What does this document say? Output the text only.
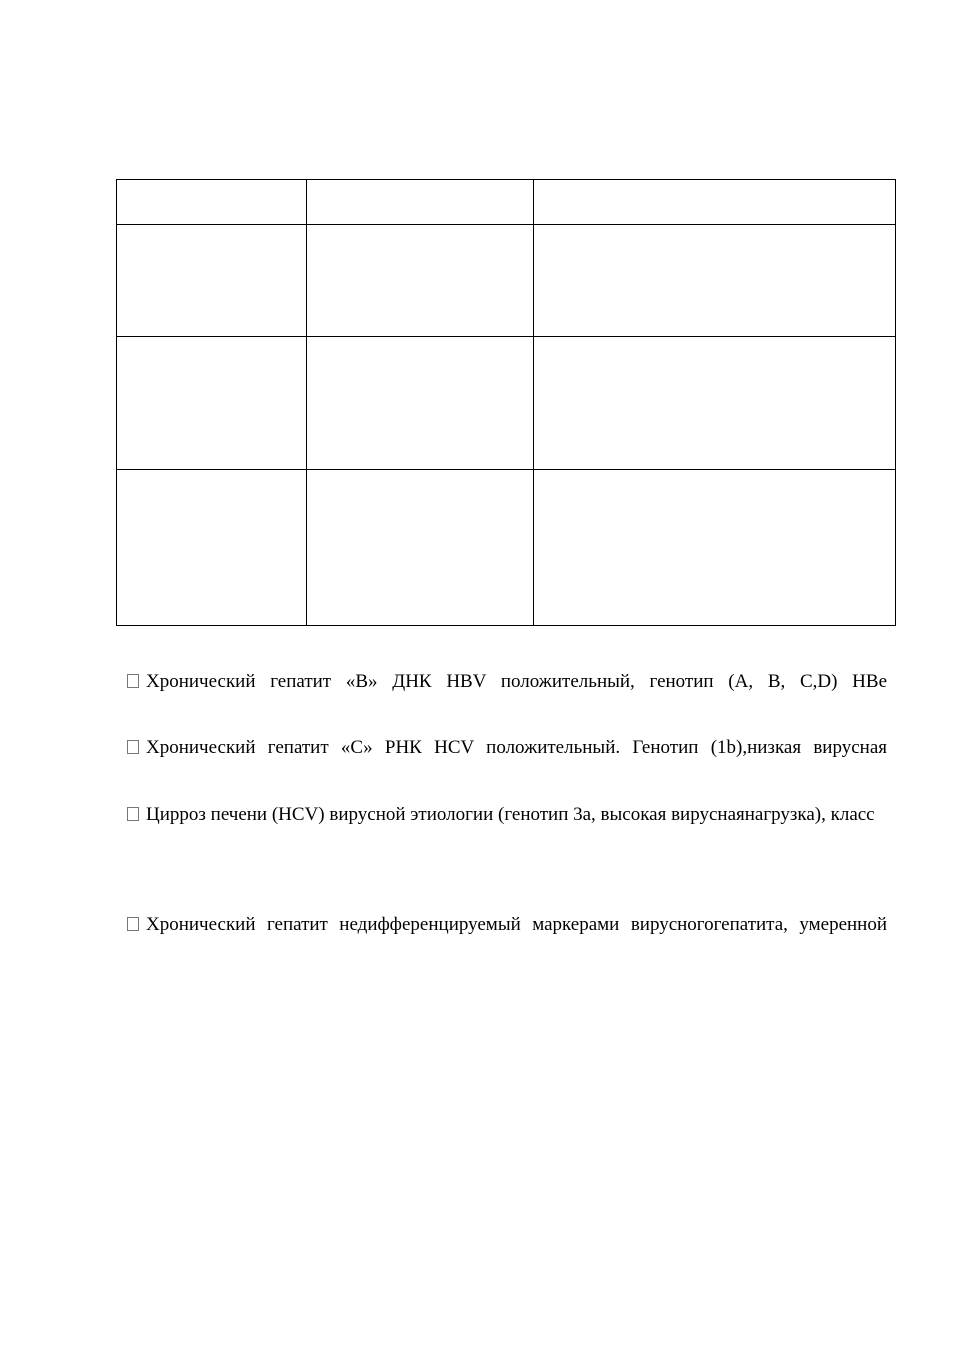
Хронический гепатит «В» ДНК HBV положительный, генотип (А, В, С,D) НВе
Хронический гепатит «С» РНК HCV положительный. Генотип (1b),низкая вирусная
Цирроз печени (HCV) вирусной этиологии (генотип 3а, высокая вируснаянагрузка), класс
Хронический гепатит недифференцируемый маркерами вирусногогепатита, умеренной
